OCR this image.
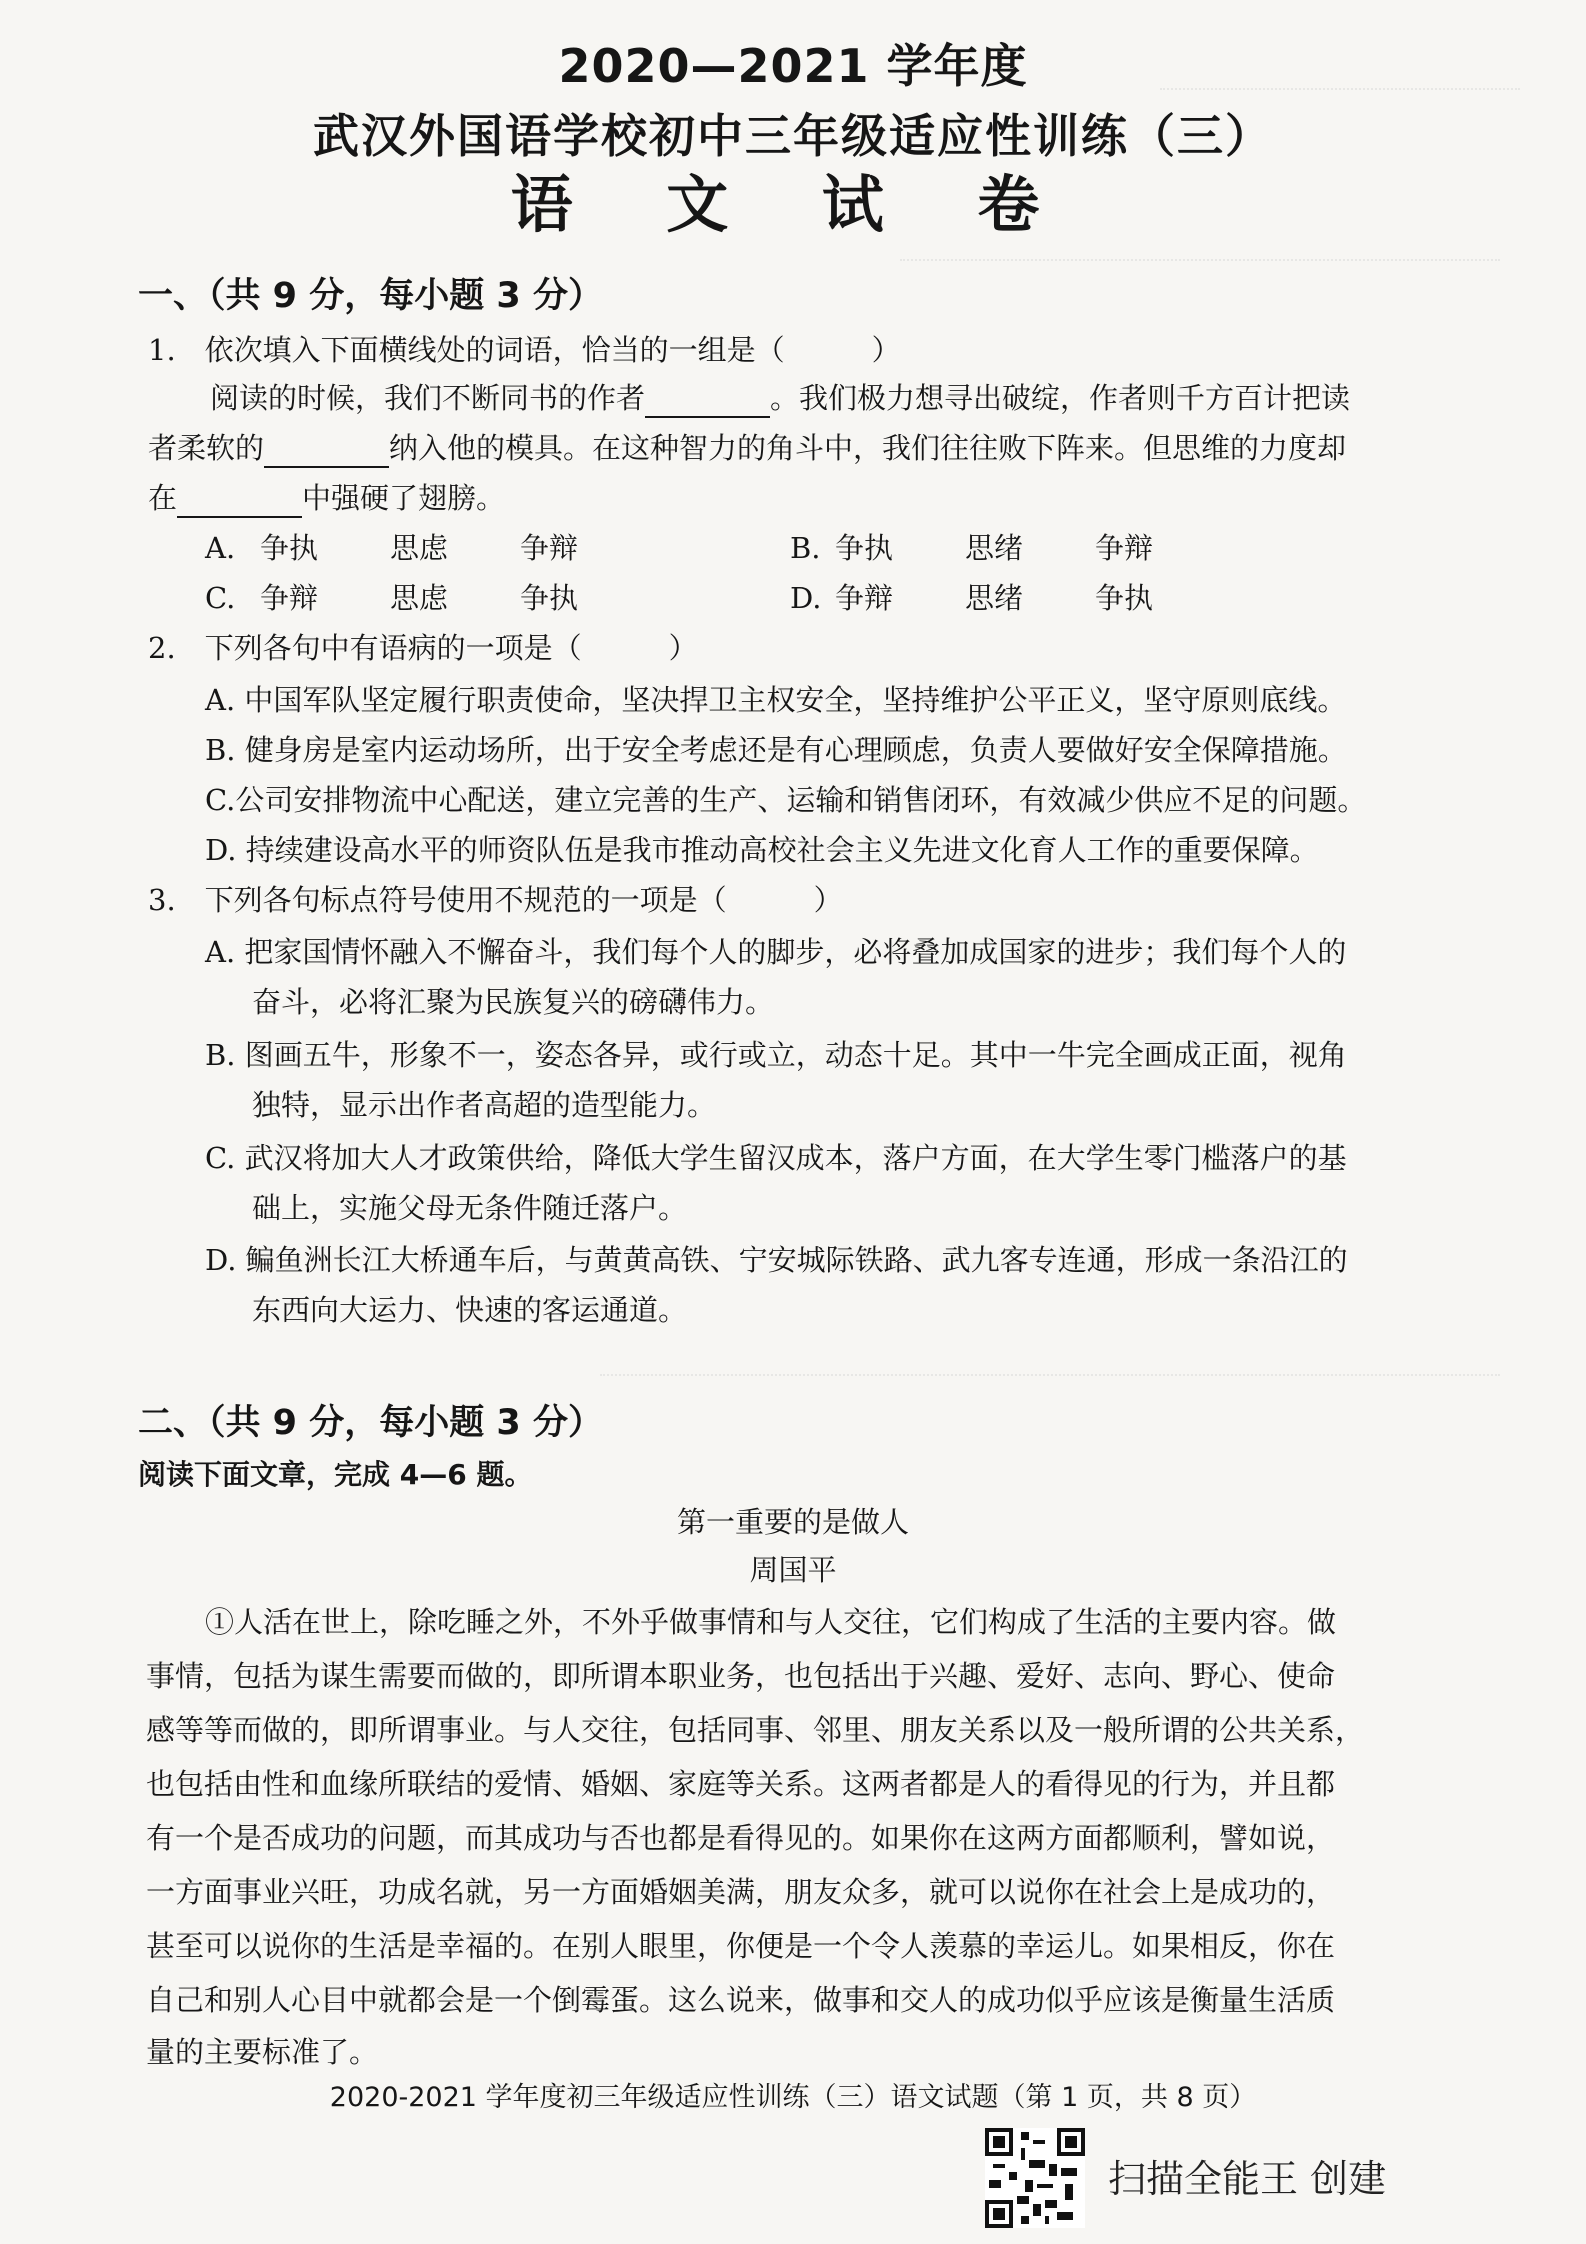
2020—2021 学年度
武汉外国语学校初中三年级适应性训练（三）
语 文 试 卷
一、（共 9 分，每小题 3 分）
1.　依次填入下面横线处的词语，恰当的一组是（　　　）
阅读的时候，我们不断同书的作者	。我们极力想寻出破绽，作者则千方百计把读
者柔软的	纳入他的模具。在这种智力的角斗中，我们往往败下阵来。但思维的力度却
在	中强硬了翅膀。
A. 争执 思虑 争辩	B. 争执 思绪 争辩
C. 争辩 思虑 争执	D. 争辩 思绪 争执
2.　下列各句中有语病的一项是（　　　）
A. 中国军队坚定履行职责使命，坚决捍卫主权安全，坚持维护公平正义，坚守原则底线。
B. 健身房是室内运动场所，出于安全考虑还是有心理顾虑，负责人要做好安全保障措施。
C.公司安排物流中心配送，建立完善的生产、运输和销售闭环，有效减少供应不足的问题。
D. 持续建设高水平的师资队伍是我市推动高校社会主义先进文化育人工作的重要保障。
3.　下列各句标点符号使用不规范的一项是（　　　）
A. 把家国情怀融入不懈奋斗，我们每个人的脚步，必将叠加成国家的进步；我们每个人的
奋斗，必将汇聚为民族复兴的磅礴伟力。
B. 图画五牛，形象不一，姿态各异，或行或立，动态十足。其中一牛完全画成正面，视角
独特，显示出作者高超的造型能力。
C. 武汉将加大人才政策供给，降低大学生留汉成本，落户方面，在大学生零门槛落户的基
础上，实施父母无条件随迁落户。
D. 鳊鱼洲长江大桥通车后，与黄黄高铁、宁安城际铁路、武九客专连通，形成一条沿江的
东西向大运力、快速的客运通道。
二、（共 9 分，每小题 3 分）
阅读下面文章，完成 4—6 题。
第一重要的是做人
周国平
①人活在世上，除吃睡之外，不外乎做事情和与人交往，它们构成了生活的主要内容。做
事情，包括为谋生需要而做的，即所谓本职业务，也包括出于兴趣、爱好、志向、野心、使命
感等等而做的，即所谓事业。与人交往，包括同事、邻里、朋友关系以及一般所谓的公共关系，
也包括由性和血缘所联结的爱情、婚姻、家庭等关系。这两者都是人的看得见的行为，并且都
有一个是否成功的问题，而其成功与否也都是看得见的。如果你在这两方面都顺利，譬如说，
一方面事业兴旺，功成名就，另一方面婚姻美满，朋友众多，就可以说你在社会上是成功的，
甚至可以说你的生活是幸福的。在别人眼里，你便是一个令人羡慕的幸运儿。如果相反，你在
自己和别人心目中就都会是一个倒霉蛋。这么说来，做事和交人的成功似乎应该是衡量生活质
量的主要标准了。
2020-2021 学年度初三年级适应性训练（三）语文试题（第 1 页，共 8 页）
扫描全能王 创建
